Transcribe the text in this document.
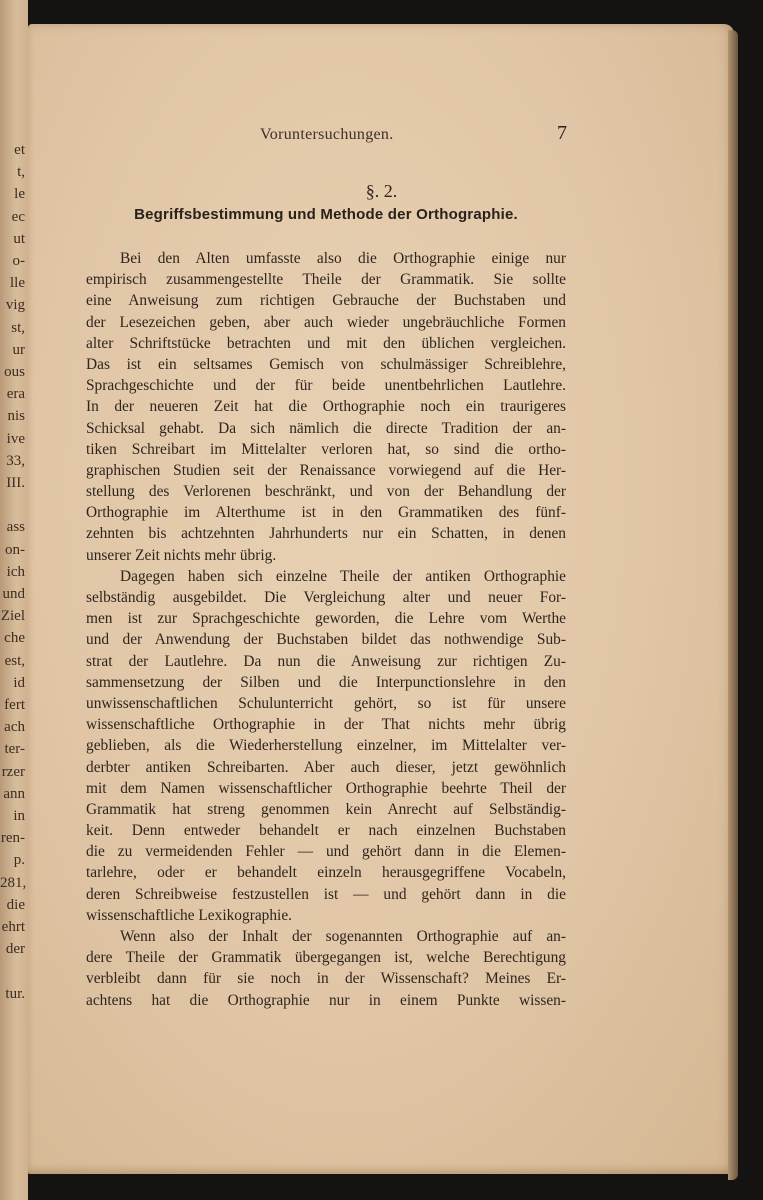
et
t,
le
ec
ut
o-
lle
vig
st,
ur
ous
era
nis
ive
33,
III.
ass
on-
ich
und
Ziel
che
est,
id
fert
ach
ter-
rzer
ann
in
ren-
p.
281,
die
ehrt
der
tur.
Voruntersuchungen.	7
§. 2.
Begriffsbestimmung und Methode der Orthographie.
Bei den Alten umfasste also die Orthographie einige nur
empirisch zusammengestellte Theile der Grammatik. Sie sollte
eine Anweisung zum richtigen Gebrauche der Buchstaben und
der Lesezeichen geben, aber auch wieder ungebräuchliche Formen
alter Schriftstücke betrachten und mit den üblichen vergleichen.
Das ist ein seltsames Gemisch von schulmässiger Schreiblehre,
Sprachgeschichte und der für beide unentbehrlichen Lautlehre.
In der neueren Zeit hat die Orthographie noch ein traurigeres
Schicksal gehabt. Da sich nämlich die directe Tradition der an-
tiken Schreibart im Mittelalter verloren hat, so sind die ortho-
graphischen Studien seit der Renaissance vorwiegend auf die Her-
stellung des Verlorenen beschränkt, und von der Behandlung der
Orthographie im Alterthume ist in den Grammatiken des fünf-
zehnten bis achtzehnten Jahrhunderts nur ein Schatten, in denen
unserer Zeit nichts mehr übrig.
Dagegen haben sich einzelne Theile der antiken Orthographie
selbständig ausgebildet. Die Vergleichung alter und neuer For-
men ist zur Sprachgeschichte geworden, die Lehre vom Werthe
und der Anwendung der Buchstaben bildet das nothwendige Sub-
strat der Lautlehre. Da nun die Anweisung zur richtigen Zu-
sammensetzung der Silben und die Interpunctionslehre in den
unwissenschaftlichen Schulunterricht gehört, so ist für unsere
wissenschaftliche Orthographie in der That nichts mehr übrig
geblieben, als die Wiederherstellung einzelner, im Mittelalter ver-
derbter antiken Schreibarten. Aber auch dieser, jetzt gewöhnlich
mit dem Namen wissenschaftlicher Orthographie beehrte Theil der
Grammatik hat streng genommen kein Anrecht auf Selbständig-
keit. Denn entweder behandelt er nach einzelnen Buchstaben
die zu vermeidenden Fehler — und gehört dann in die Elemen-
tarlehre, oder er behandelt einzeln herausgegriffene Vocabeln,
deren Schreibweise festzustellen ist — und gehört dann in die
wissenschaftliche Lexikographie.
Wenn also der Inhalt der sogenannten Orthographie auf an-
dere Theile der Grammatik übergegangen ist, welche Berechtigung
verbleibt dann für sie noch in der Wissenschaft? Meines Er-
achtens hat die Orthographie nur in einem Punkte wissen-
